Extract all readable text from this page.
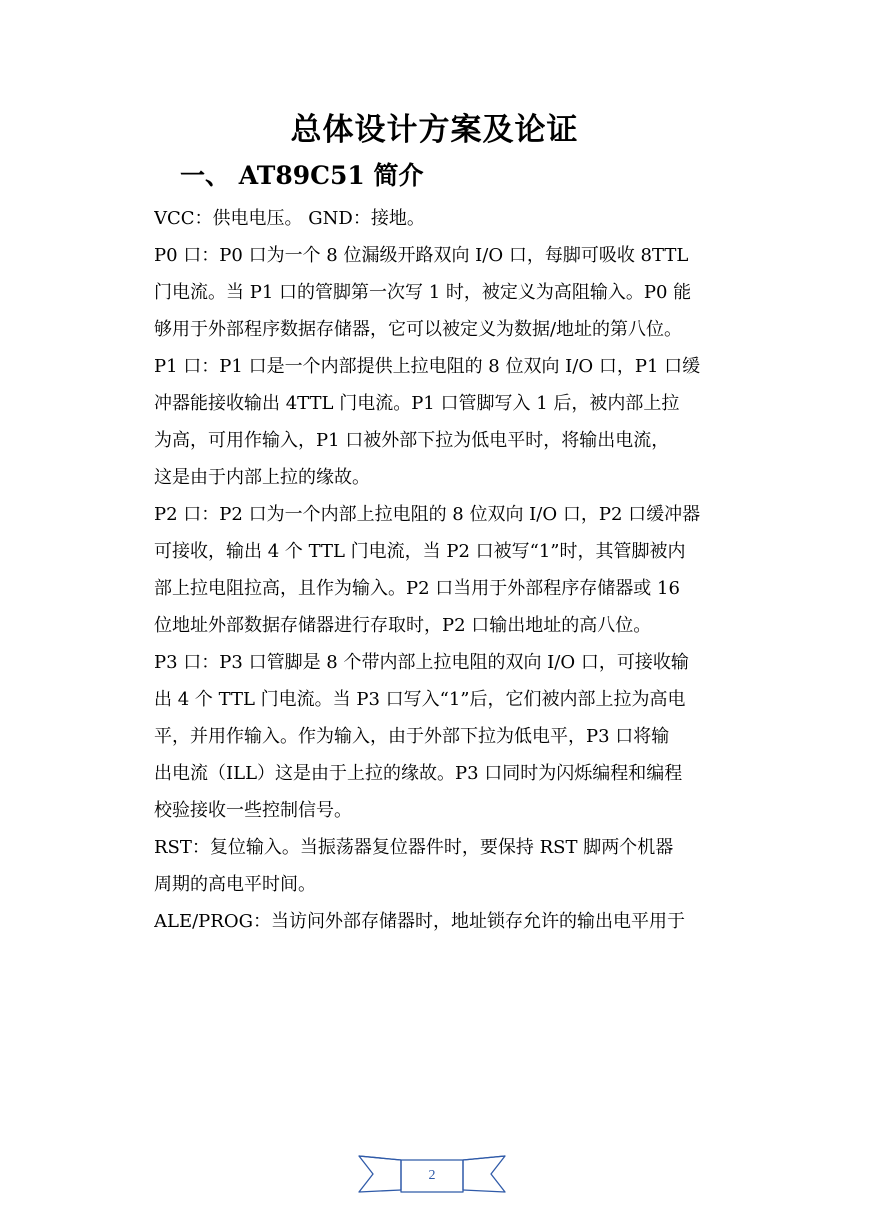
总体设计方案及论证
一、 AT89C51 简介
VCC：供电电压。 GND：接地。
P0 口：P0 口为一个 8 位漏级开路双向 I/O 口，每脚可吸收 8TTL
门电流。当 P1 口的管脚第一次写 1 时，被定义为高阻输入。P0 能
够用于外部程序数据存储器，它可以被定义为数据/地址的第八位。
P1 口：P1 口是一个内部提供上拉电阻的 8 位双向 I/O 口，P1 口缓
冲器能接收输出 4TTL 门电流。P1 口管脚写入 1 后，被内部上拉
为高，可用作输入，P1 口被外部下拉为低电平时，将输出电流，
这是由于内部上拉的缘故。
P2 口：P2 口为一个内部上拉电阻的 8 位双向 I/O 口，P2 口缓冲器
可接收，输出 4 个 TTL 门电流，当 P2 口被写“1”时，其管脚被内
部上拉电阻拉高，且作为输入。P2 口当用于外部程序存储器或 16
位地址外部数据存储器进行存取时，P2 口输出地址的高八位。
P3 口：P3 口管脚是 8 个带内部上拉电阻的双向 I/O 口，可接收输
出 4 个 TTL 门电流。当 P3 口写入“1”后，它们被内部上拉为高电
平，并用作输入。作为输入，由于外部下拉为低电平，P3 口将输
出电流（ILL）这是由于上拉的缘故。P3 口同时为闪烁编程和编程
校验接收一些控制信号。
RST：复位输入。当振荡器复位器件时，要保持 RST 脚两个机器
周期的高电平时间。
ALE/PROG：当访问外部存储器时，地址锁存允许的输出电平用于
2
